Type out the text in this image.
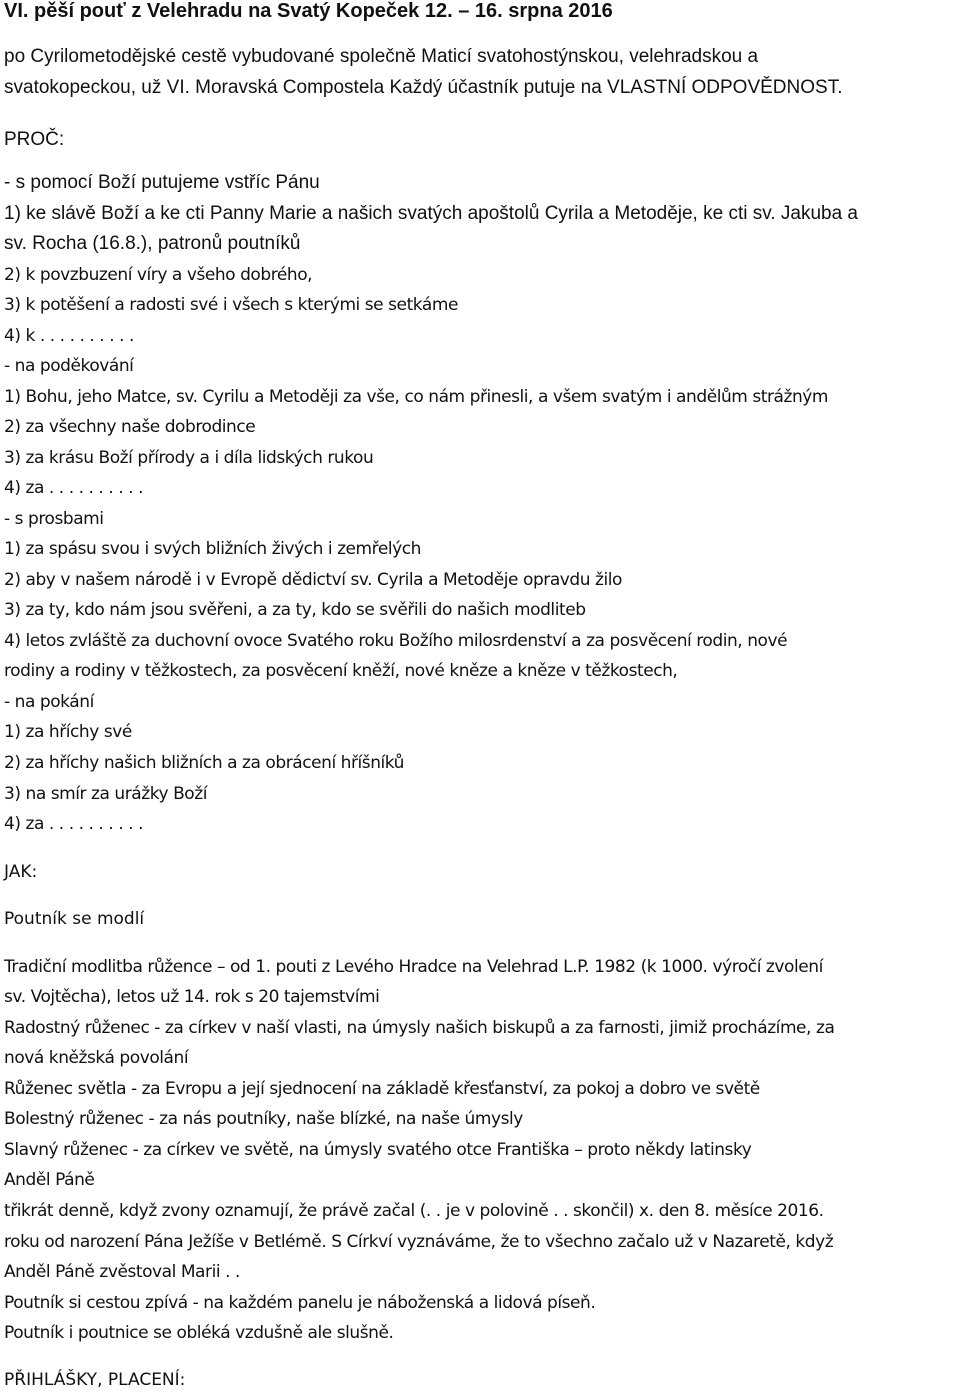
VI. pěší pouť z Velehradu na Svatý Kopeček 12. – 16. srpna 2016
po Cyrilometodějské cestě vybudované společně Maticí svatohostýnskou, velehradskou a
svatokopeckou, už VI. Moravská Compostela Každý účastník putuje na VLASTNÍ ODPOVĚDNOST.
PROČ:
- s pomocí Boží putujeme vstříc Pánu
1) ke slávě Boží a ke cti Panny Marie a našich svatých apoštolů Cyrila a Metoděje, ke cti sv. Jakuba a
sv. Rocha (16.8.), patronů poutníků
2) k povzbuzení víry a všeho dobrého,
3) k potěšení a radosti své i všech s kterými se setkáme
4) k . . . . . . . . . .
- na poděkování
1) Bohu, jeho Matce, sv. Cyrilu a Metoději za vše, co nám přinesli, a všem svatým i andělům strážným
2) za všechny naše dobrodince
3) za krásu Boží přírody a i díla lidských rukou
4) za . . . . . . . . . .
- s prosbami
1) za spásu svou i svých bližních živých i zemřelých
2) aby v našem národě i v Evropě dědictví sv. Cyrila a Metoděje opravdu žilo
3) za ty, kdo nám jsou svěřeni, a za ty, kdo se svěřili do našich modliteb
4) letos zvláště za duchovní ovoce Svatého roku Božího milosrdenství a za posvěcení rodin, nové
rodiny a rodiny v těžkostech, za posvěcení kněží, nové kněze a kněze v těžkostech,
- na pokání
1) za hříchy své
2) za hříchy našich bližních a za obrácení hříšníků
3) na smír za urážky Boží
4) za . . . . . . . . . .
JAK:
Poutník se modlí
Tradiční modlitba růžence – od 1. pouti z Levého Hradce na Velehrad L.P. 1982 (k 1000. výročí zvolení
sv. Vojtěcha), letos už 14. rok s 20 tajemstvími
Radostný růženec - za církev v naší vlasti, na úmysly našich biskupů a za farnosti, jimiž procházíme, za
nová kněžská povolání
Růženec světla - za Evropu a její sjednocení na základě křesťanství, za pokoj a dobro ve světě
Bolestný růženec - za nás poutníky, naše blízké, na naše úmysly
Slavný růženec - za církev ve světě, na úmysly svatého otce Františka – proto někdy latinsky
Anděl Páně
třikrát denně, když zvony oznamují, že právě začal (. . je v polovině . . skončil) x. den 8. měsíce 2016.
roku od narození Pána Ježíše v Betlémě. S Církví vyznáváme, že to všechno začalo už v Nazaretě, když
Anděl Páně zvěstoval Marii . .
Poutník si cestou zpívá - na každém panelu je náboženská a lidová píseň.
Poutník i poutnice se obléká vzdušně ale slušně.
PŘIHLÁŠKY, PLACENÍ:
